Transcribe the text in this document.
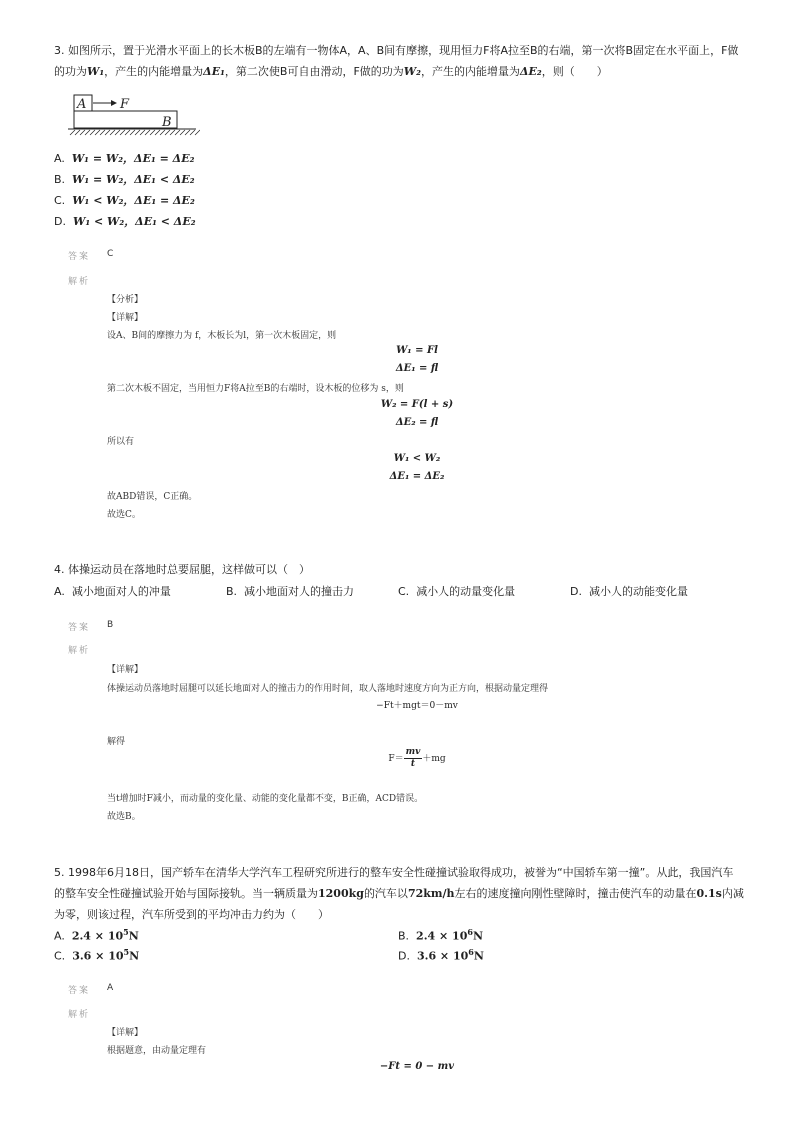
3. 如图所示，置于光滑水平面上的长木板B的左端有一物体A，A、B间有摩擦，现用恒力F将A拉至B的右端，第一次将B固定在水平面上，F做的功为W₁，产生的内能增量为ΔE₁，第二次使B可自由滑动，F做的功为W₂，产生的内能增量为ΔE₂，则（　　）

A	F
B
A. W₁ = W₂，ΔE₁ = ΔE₂
B. W₁ = W₂，ΔE₁ < ΔE₂
C. W₁ < W₂，ΔE₁ = ΔE₂
D. W₁ < W₂，ΔE₁ < ΔE₂
答案 C
解析
【分析】
【详解】
设A、B间的摩擦力为 f，木板长为l，第一次木板固定，则
W₁ = Fl
ΔE₁ = fl
第二次木板不固定，当用恒力F将A拉至B的右端时，设木板的位移为 s，则
W₂ = F(l + s)
ΔE₂ = fl
所以有
W₁ < W₂
ΔE₁ = ΔE₂
故ABD错误，C正确。
故选C。

4. 体操运动员在落地时总要屈腿，这样做可以（　）

A. 减小地面对人的冲量	B. 减小地面对人的撞击力	C. 减小人的动量变化量	D. 减小人的动能变化量
答案 B
解析
【详解】
体操运动员落地时屈腿可以延长地面对人的撞击力的作用时间，取人落地时速度方向为正方向，根据动量定理得
−Ft＋mgt＝0－mv
解得
$F= \frac{mv}{t} +mg$
当t增加时F减小，而动量的变化量、动能的变化量都不变，B正确，ACD错误。
故选B。

5. 1998年6月18日，国产轿车在清华大学汽车工程研究所进行的整车安全性碰撞试验取得成功，被誉为“中国轿车第一撞”。从此，我国汽车的整车安全性碰撞试验开始与国际接轨。当一辆质量为1200kg的汽车以72km/h左右的速度撞向刚性壁障时，撞击使汽车的动量在0.1s内减为零，则该过程，汽车所受到的平均冲击力约为（　　）

A. $2.4 \times 10^5N$	B. $2.4 \times 10^6N$
C. $3.6 \times 10^5N$	D. $3.6 \times 10^6N$
答案 A
解析
【详解】
根据题意，由动量定理有
−Ft = 0 − mv
